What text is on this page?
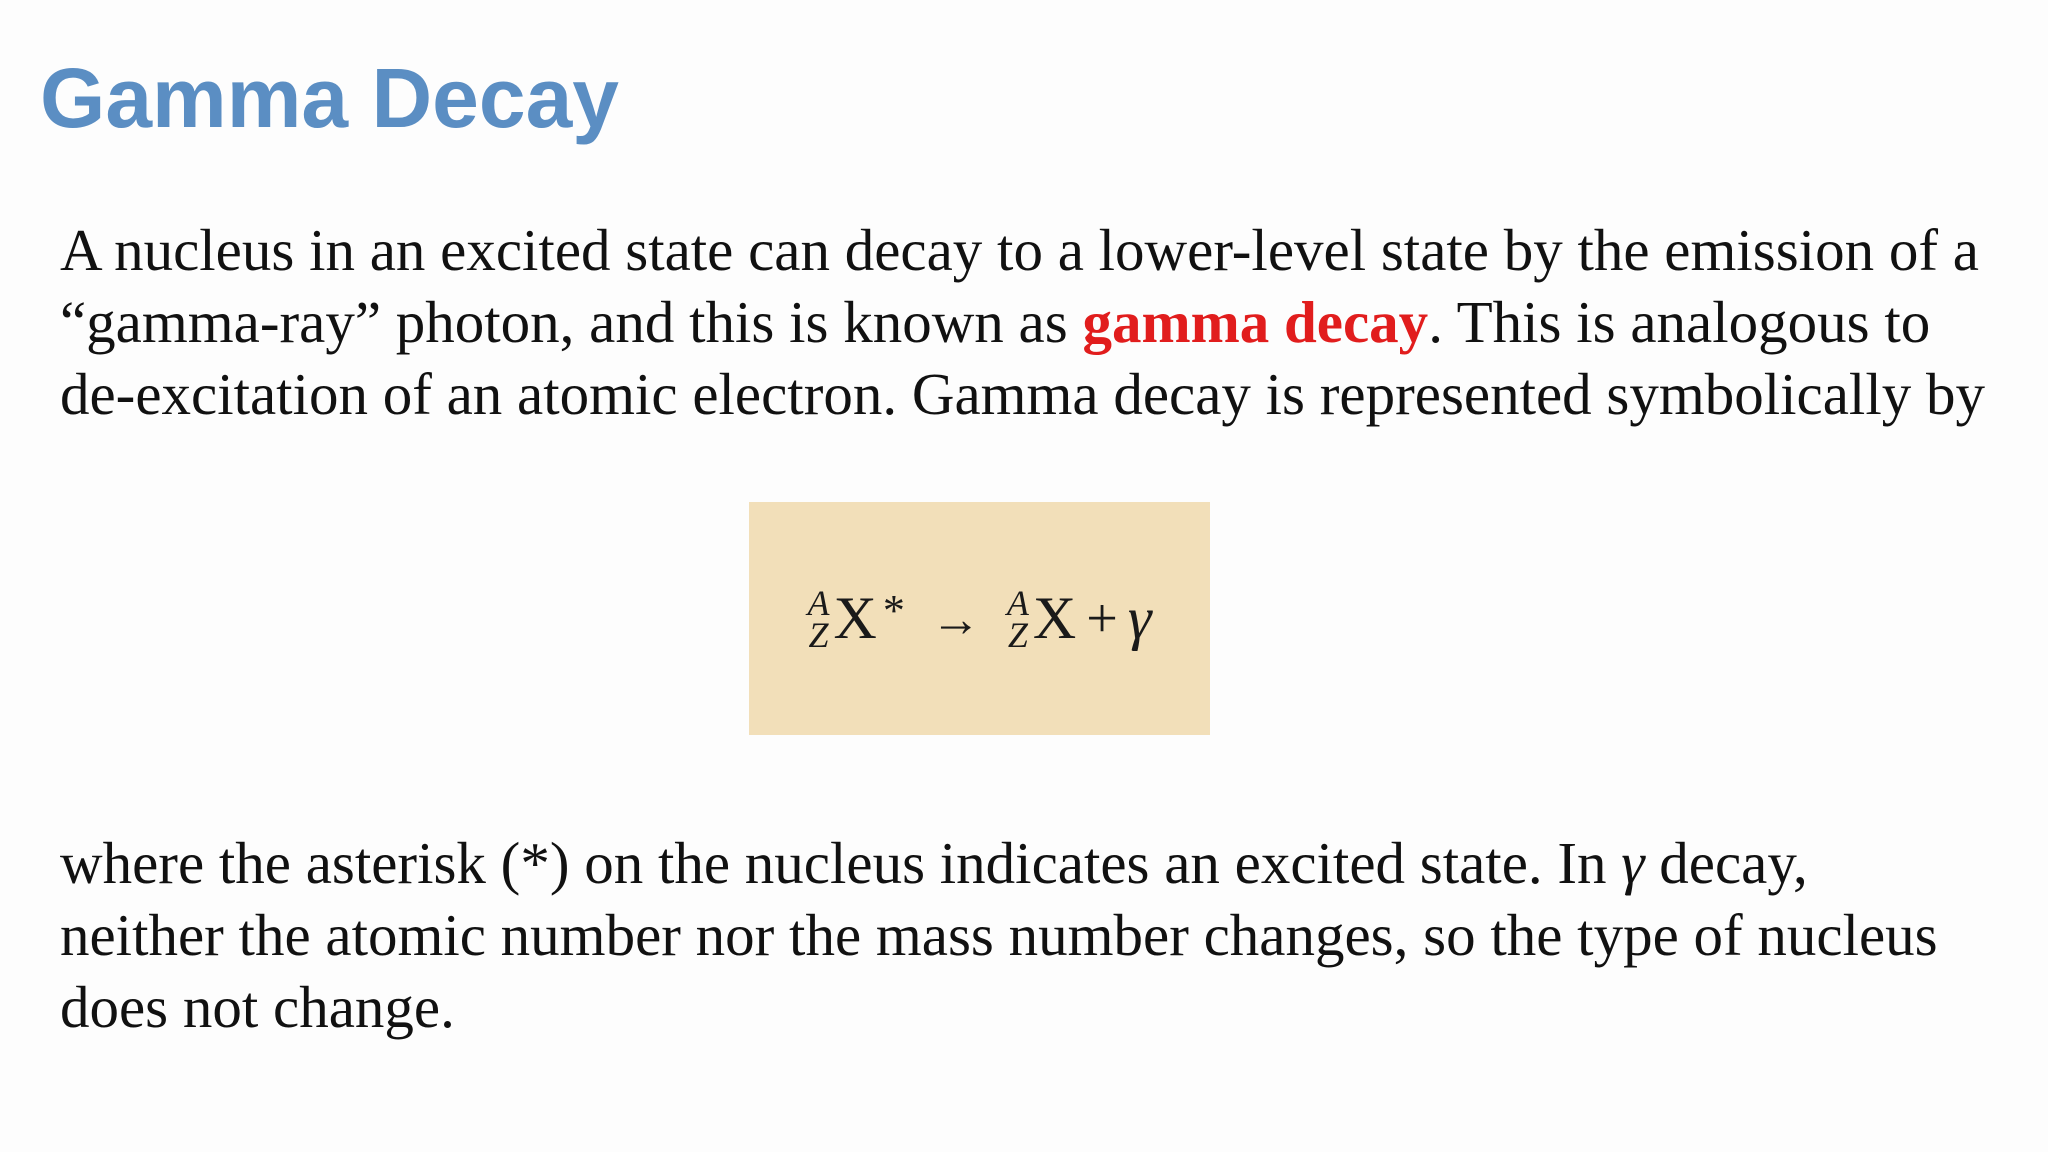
Gamma Decay

A nucleus in an excited state can decay to a lower-level state by the emission of a
“gamma-ray” photon, and this is known as gamma decay. This is analogous to
de-excitation of an atomic electron. Gamma decay is represented symbolically by

A
Z X * → A
Z X + γ

where the asterisk (*) on the nucleus indicates an excited state. In γ decay,
neither the atomic number nor the mass number changes, so the type of nucleus
does not change.
